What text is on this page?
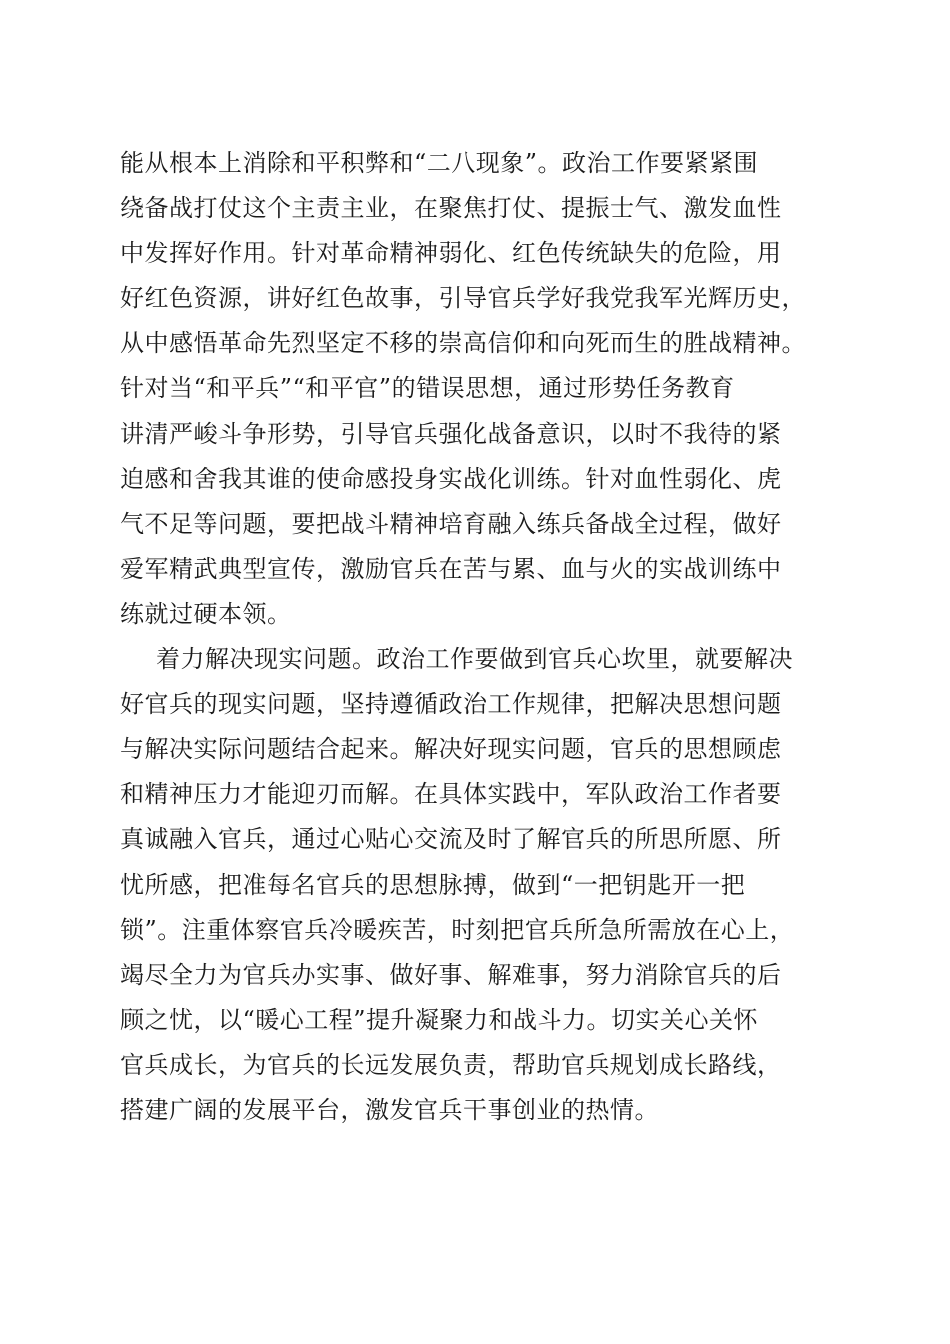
能从根本上消除和平积弊和“二八现象”。政治工作要紧紧围
绕备战打仗这个主责主业，在聚焦打仗、提振士气、激发血性
中发挥好作用。针对革命精神弱化、红色传统缺失的危险，用
好红色资源，讲好红色故事，引导官兵学好我党我军光辉历史，
从中感悟革命先烈坚定不移的崇高信仰和向死而生的胜战精神。
针对当“和平兵”“和平官”的错误思想，通过形势任务教育
讲清严峻斗争形势，引导官兵强化战备意识，以时不我待的紧
迫感和舍我其谁的使命感投身实战化训练。针对血性弱化、虎
气不足等问题，要把战斗精神培育融入练兵备战全过程，做好
爱军精武典型宣传，激励官兵在苦与累、血与火的实战训练中
练就过硬本领。
着力解决现实问题。政治工作要做到官兵心坎里，就要解决
好官兵的现实问题，坚持遵循政治工作规律，把解决思想问题
与解决实际问题结合起来。解决好现实问题，官兵的思想顾虑
和精神压力才能迎刃而解。在具体实践中，军队政治工作者要
真诚融入官兵，通过心贴心交流及时了解官兵的所思所愿、所
忧所感，把准每名官兵的思想脉搏，做到“一把钥匙开一把
锁”。注重体察官兵冷暖疾苦，时刻把官兵所急所需放在心上，
竭尽全力为官兵办实事、做好事、解难事，努力消除官兵的后
顾之忧，以“暖心工程”提升凝聚力和战斗力。切实关心关怀
官兵成长，为官兵的长远发展负责，帮助官兵规划成长路线，
搭建广阔的发展平台，激发官兵干事创业的热情。
